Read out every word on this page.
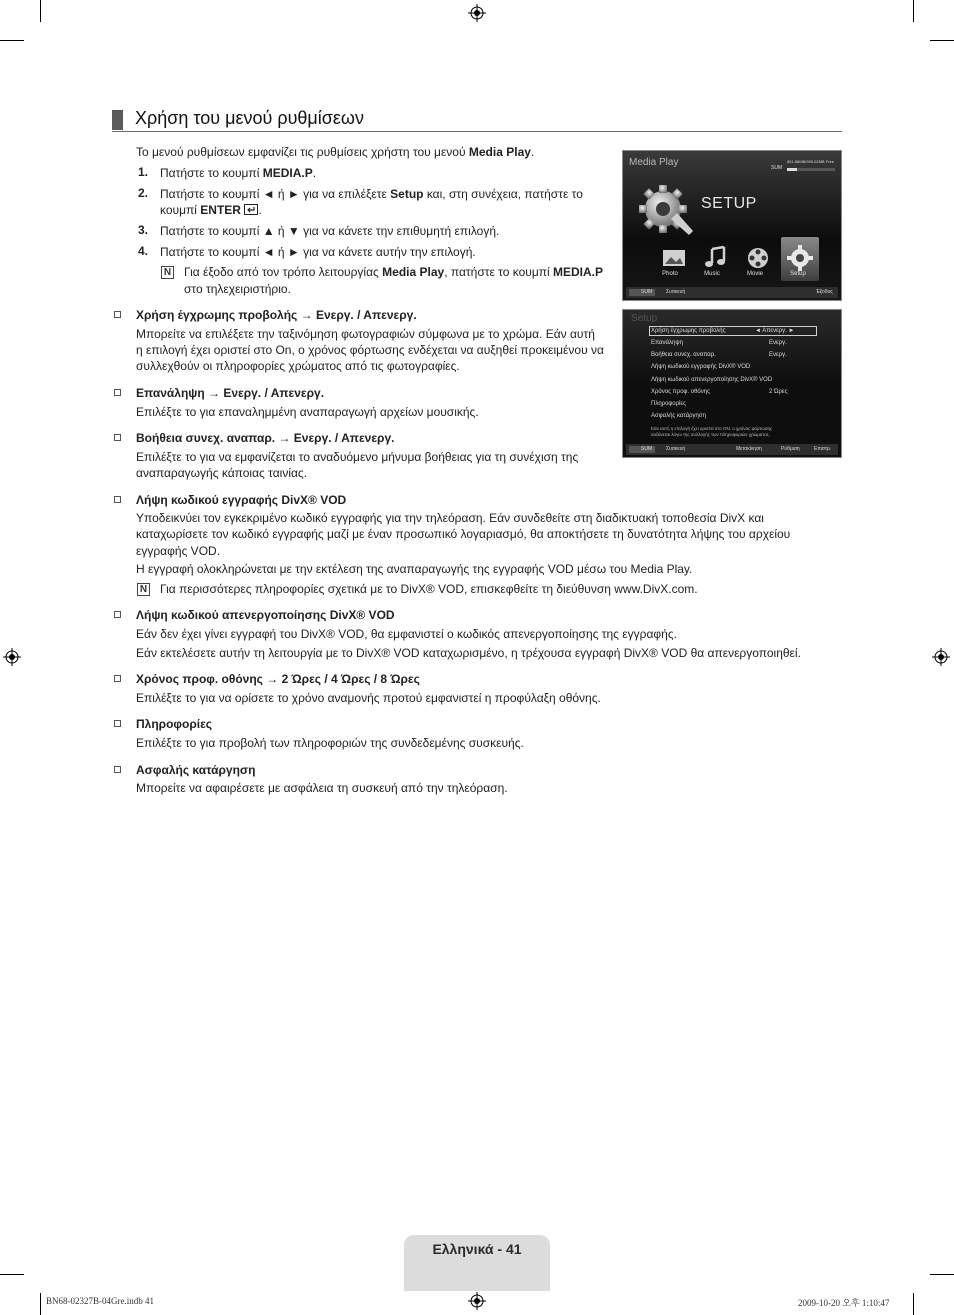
Χρήση του μενού ρυθμίσεων
Το μενού ρυθμίσεων εμφανίζει τις ρυθμίσεις χρήστη του μενού Media Play.
1. Πατήστε το κουμπί MEDIA.P.
2. Πατήστε το κουμπί ◄ ή ► για να επιλέξετε Setup και, στη συνέχεια, πατήστε το
κουμπί ENTER .
3. Πατήστε το κουμπί ▲ ή ▼ για να κάνετε την επιθυμητή επιλογή.
4. Πατήστε το κουμπί ◄ ή ► για να κάνετε αυτήν την επιλογή.
N Για έξοδο από τον τρόπο λειτουργίας Media Play, πατήστε το κουμπί MEDIA.P
στο τηλεχειριστήριο.
Χρήση έγχρωμης προβολής → Ενεργ. / Απενεργ.
Μπορείτε να επιλέξετε την ταξινόμηση φωτογραφιών σύμφωνα με το χρώμα. Εάν αυτή
η επιλογή έχει οριστεί στο On, ο χρόνος φόρτωσης ενδέχεται να αυξηθεί προκειμένου να
συλλεχθούν οι πληροφορίες χρώματος από τις φωτογραφίες.
Επανάληψη → Ενεργ. / Απενεργ.
Επιλέξτε το για επαναλημμένη αναπαραγωγή αρχείων μουσικής.
Βοήθεια συνεχ. αναπαρ. → Ενεργ. / Απενεργ.
Επιλέξτε το για να εμφανίζεται το αναδυόμενο μήνυμα βοήθειας για τη συνέχιση της
αναπαραγωγής κάποιας ταινίας.
Λήψη κωδικού εγγραφής DivX® VOD
Υποδεικνύει τον εγκεκριμένο κωδικό εγγραφής για την τηλεόραση. Εάν συνδεθείτε στη διαδικτυακή τοποθεσία DivX και
καταχωρίσετε τον κωδικό εγγραφής μαζί με έναν προσωπικό λογαριασμό, θα αποκτήσετε τη δυνατότητα λήψης του αρχείου
εγγραφής VOD.
Η εγγραφή ολοκληρώνεται με την εκτέλεση της αναπαραγωγής της εγγραφής VOD μέσω του Media Play.
N Για περισσότερες πληροφορίες σχετικά με το DivX® VOD, επισκεφθείτε τη διεύθυνση www.DivX.com.
Λήψη κωδικού απενεργοποίησης DivX® VOD
Εάν δεν έχει γίνει εγγραφή του DivX® VOD, θα εμφανιστεί ο κωδικός απενεργοποίησης της εγγραφής.
Εάν εκτελέσετε αυτήν τη λειτουργία με το DivX® VOD καταχωρισμένο, η τρέχουσα εγγραφή DivX® VOD θα απενεργοποιηθεί.
Χρόνος προφ. οθόνης → 2 Ώρες / 4 Ώρες / 8 Ώρες
Επιλέξτε το για να ορίσετε το χρόνο αναμονής προτού εμφανιστεί η προφύλαξη οθόνης.
Πληροφορίες
Επιλέξτε το για προβολή των πληροφοριών της συνδεδεμένης συσκευής.
Ασφαλής κατάργηση
Μπορείτε να αφαιρέσετε με ασφάλεια τη συσκευή από την τηλεόραση.
Media Play	851.86MB/993.02MB Free
SUM
SETUP
Photo	Music	Movie	Setup
SUM	Συσκευή	Έξοδος
Setup
Χρήση έγχρωμης προβολής	◄ Απενεργ. ►
Επανάληψη	Ενεργ.
Βοήθεια συνεχ. αναπαρ.	Ενεργ.
Λήψη κωδικού εγγραφής DivX® VOD
Λήψη κωδικού απενεργοποίησης DivX® VOD
Χρόνος προφ. οθόνης	2 Ώρες
Πληροφορίες
Ασφαλής κατάργηση
Εάν αυτή η επιλογή έχει οριστεί στο ON, ο χρόνος φόρτωσης
αυξάνεται λόγω της συλλογής των πληροφοριών χρώματος.
SUM	Συσκευή	Μετακίνηση	Ρύθμιση	Επιστρ.
Ελληνικά - 41
BN68-02327B-04Gre.indb 41	2009-10-20 오후 1:10:47
